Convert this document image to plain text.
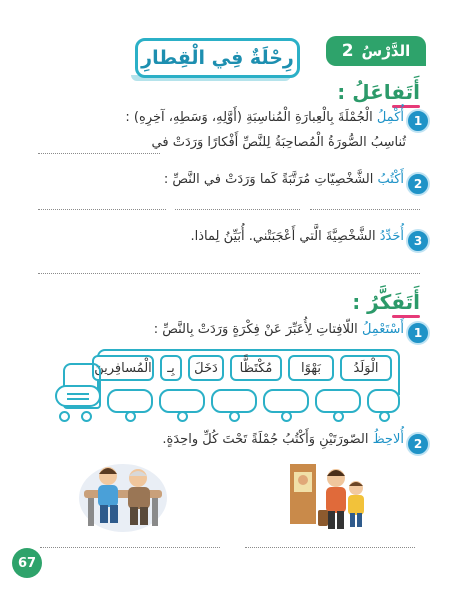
الدَّرْسُ
2
رِحْلَةٌ فِي الْقِطارِ
أَتَفاعَلُ :
1
أُكْمِلُ الْجُمْلَةَ بِالْعِبارَةِ الْمُناسِبَةِ (أَوَّلِهِ، وَسَطِهِ، آخِرِهِ) :
تُناسِبُ الصُّورَةُ الْمُصاحِبَةُ لِلنَّصِّ أَفْكارًا وَرَدَتْ في
2
أَكْتُبُ الشَّخْصِيّاتِ مُرَتَّبَةً كَما وَرَدَتْ في النَّصِّ :
3
أُحَدِّدُ الشَّخْصِيَّةَ الَّتي أَعْجَبَتْني. أُبَيِّنُ لِماذا.
أَتَفَكَّرُ :
1
أَسْتَعْمِلُ اللّافِتاتِ لِأُعَبِّرَ عَنْ فِكْرَةٍ وَرَدَتْ بِالنَّصِّ :
الْوَلَدُ
بَهْوًا
مُكْتَظًّا
دَخَلَ
بِـ
الْمُسافِرينَ
2
أُلاحِظُ الصّورَتَيْنِ وَأَكْتُبُ جُمْلَةً تَحْتَ كُلِّ واحِدَةٍ.
67
